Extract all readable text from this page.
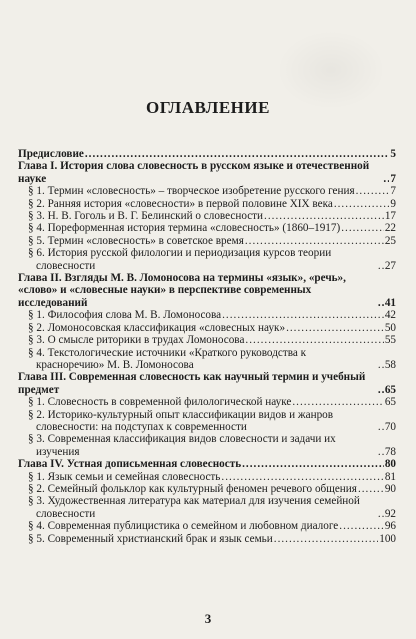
ОГЛАВЛЕНИЕ
Предисловие .....	5
Глава I. История слова словесность в русском языке и отечественной науке .....	7
§ 1. Термин «словесность» – творческое изобретение русского гения .....	7
§ 2. Ранняя история «словесности» в первой половине XIX века .....	9
§ 3. Н. В. Гоголь и В. Г. Белинский о словесности .....	17
§ 4. Пореформенная история термина «словесность» (1860–1917) .....	22
§ 5. Термин «словесность» в советское время .....	25
§ 6. История русской филологии и периодизация курсов теории словесности .....	27
Глава II. Взгляды М. В. Ломоносова на термины «язык», «речь», «слово» и «словесные науки» в перспективе современных исследований .....	41
§ 1. Философия слова М. В. Ломоносова .....	42
§ 2. Ломоносовская классификация «словесных наук» .....	50
§ 3. О смысле риторики в трудах Ломоносова .....	55
§ 4. Текстологические источники «Краткого руководства к красноречию» М. В. Ломоносова .....	58
Глава III. Современная словесность как научный термин и учебный предмет .....	65
§ 1. Словесность в современной филологической науке .....	65
§ 2. Историко-культурный опыт классификации видов и жанров словесности: на подступах к современности .....	70
§ 3. Современная классификация видов словесности и задачи их изучения .....	78
Глава IV. Устная дописьменная словесность .....	80
§ 1. Язык семьи и семейная словесность .....	81
§ 2. Семейный фольклор как культурный феномен речевого общения ..... 90
§ 3. Художественная литература как материал для изучения семейной словесности .....	92
§ 4. Современная публицистика о семейном и любовном диалоге .....	96
§ 5. Современный христианский брак и язык семьи .....	100
3
